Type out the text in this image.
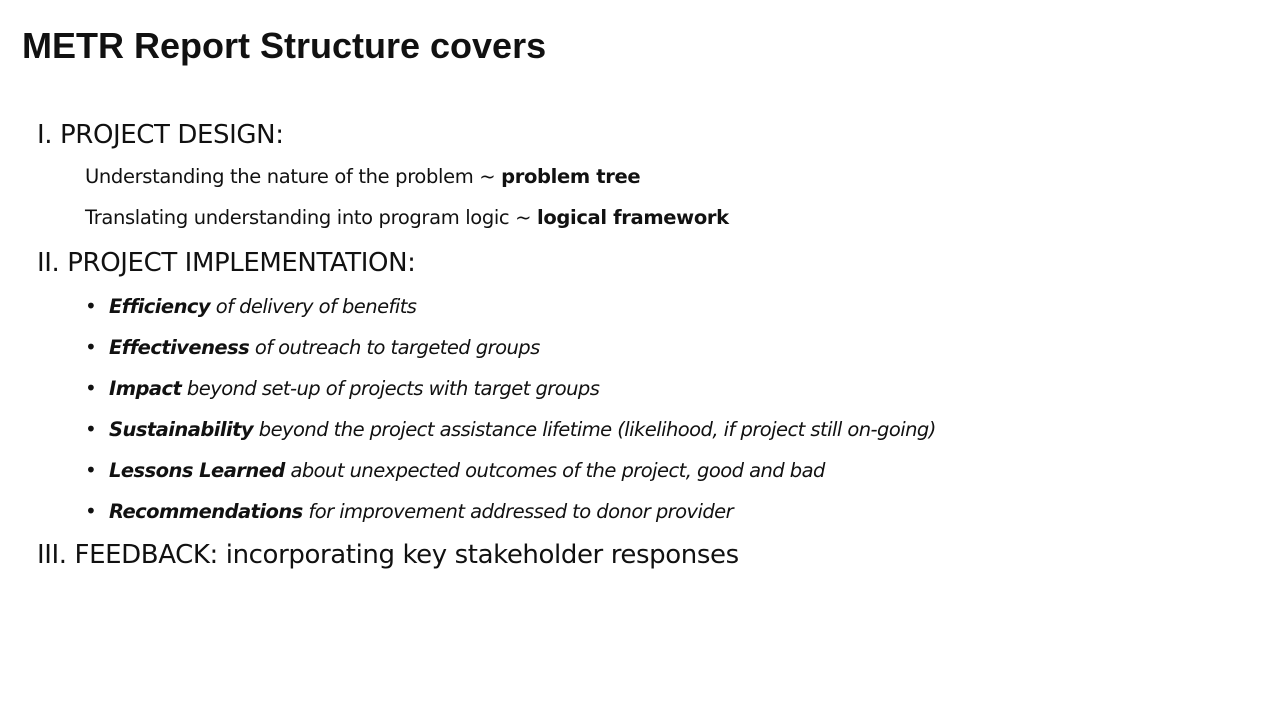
METR Report Structure covers
I. PROJECT DESIGN:
Understanding the nature of the problem ~ problem tree
Translating understanding into program logic ~ logical framework
II. PROJECT IMPLEMENTATION:
• Efficiency of delivery of benefits
• Effectiveness of outreach to targeted groups
• Impact beyond set-up of projects with target groups
• Sustainability beyond the project assistance lifetime (likelihood, if project still on-going)
• Lessons Learned about unexpected outcomes of the project, good and bad
• Recommendations for improvement addressed to donor provider
III. FEEDBACK: incorporating key stakeholder responses
